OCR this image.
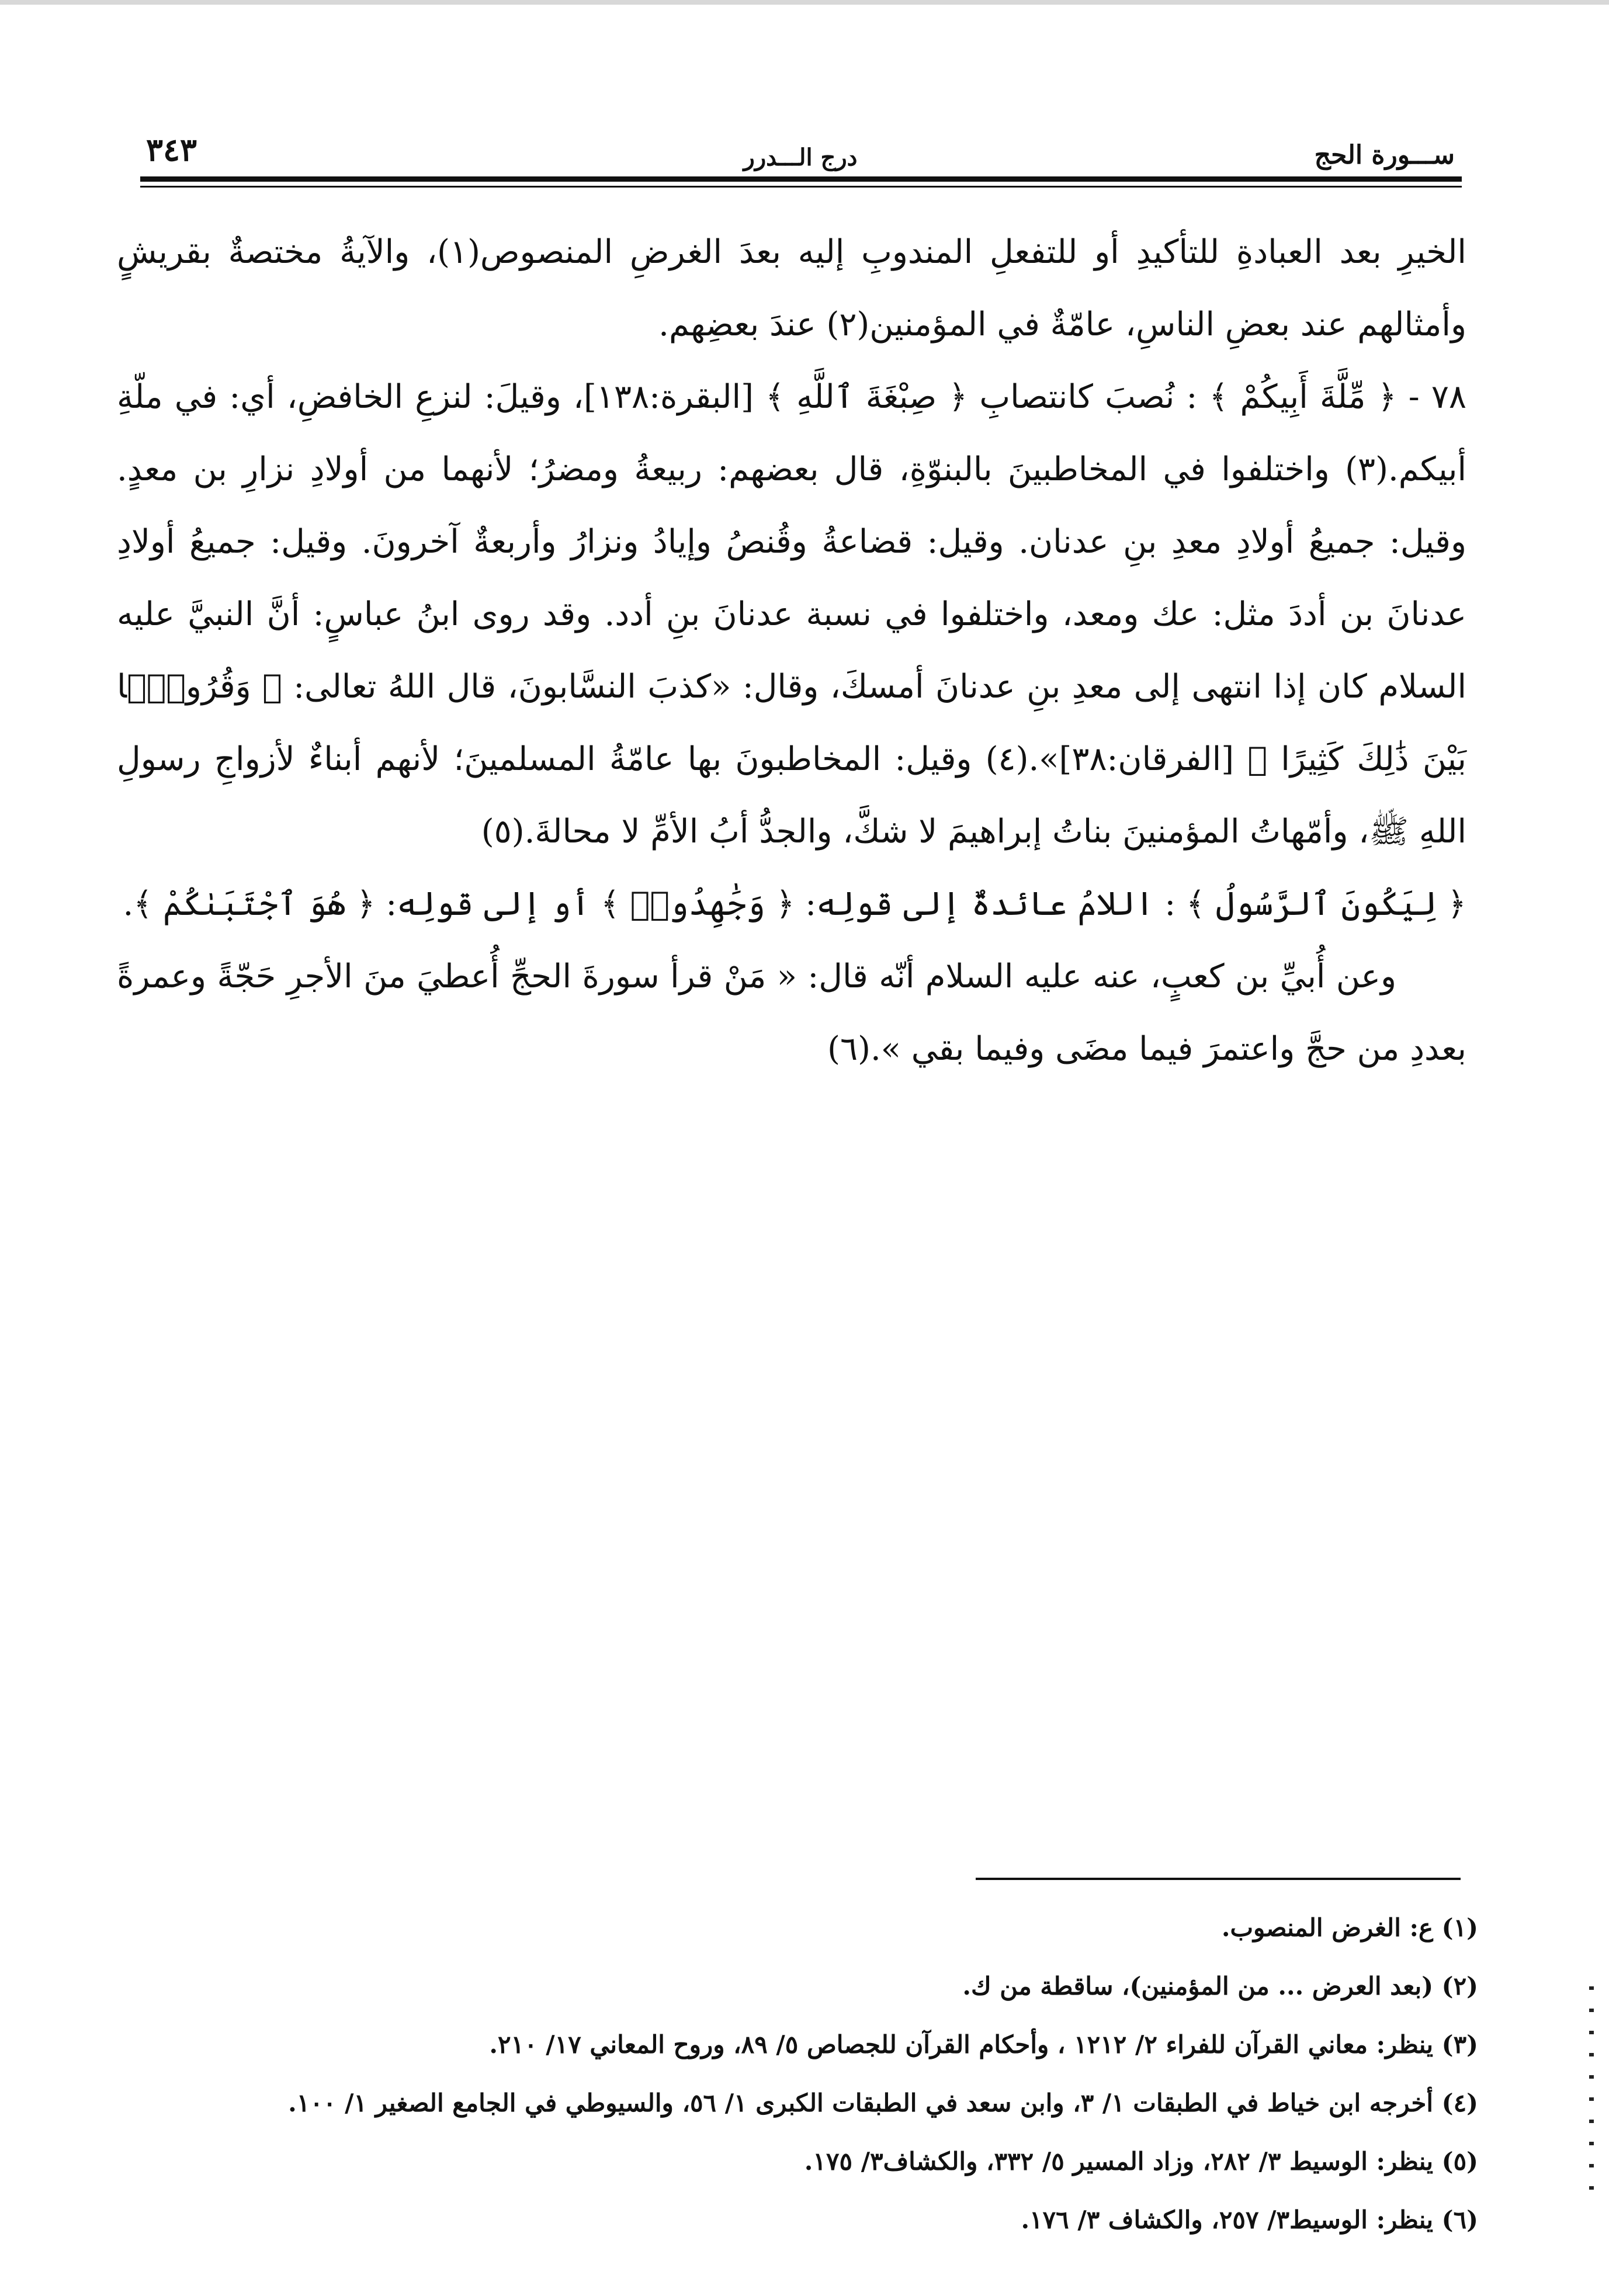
ســـورة الحج
درج الـــدرر
٣٤٣

الخيرِ بعد العبادةِ للتأكيدِ أو للتفعلِ المندوبِ إليه بعدَ الغرضِ المنصوص(١)، والآيةُ مختصةٌ بقريشٍ وأمثالهم عند بعضِ الناسِ، عامّةٌ في المؤمنين(٢) عندَ بعضِهم.

٧٨ - ﴿ مِّلَّةَ أَبِيكُمْ ﴾ : نُصبَ كانتصابِ ﴿ صِبْغَةَ ٱللَّهِ ﴾ [البقرة:١٣٨]، وقيلَ: لنزعِ الخافضِ، أي: في ملّةِ أبيكم.(٣) واختلفوا في المخاطبينَ بالبنوّةِ، قال بعضهم: ربيعةُ ومضرُ؛ لأنهما من أولادِ نزارِ بن معدٍ. وقيل: جميعُ أولادِ معدِ بنِ عدنان. وقيل: قضاعةُ وقُنصُ وإيادُ ونزارُ وأربعةٌ آخرونَ. وقيل: جميعُ أولادِ عدنانَ بن أددَ مثل: عك ومعد، واختلفوا في نسبة عدنانَ بنِ أدد. وقد روى ابنُ عباسٍ: أنَّ النبيَّ عليه السلام كان إذا انتهى إلى معدِ بنِ عدنانَ أمسكَ، وقال: «كذبَ النسَّابونَ، قال اللهُ تعالى: ﴿ وَقُرُونًۢا بَيْنَ ذَٰلِكَ كَثِيرًا ﴾ [الفرقان:٣٨]».(٤) وقيل: المخاطبونَ بها عامّةُ المسلمينَ؛ لأنهم أبناءٌ لأزواجِ رسولِ اللهِ ﷺ، وأمّهاتُ المؤمنينَ بناتُ إبراهيمَ لا شكَّ، والجدُّ أبُ الأمِّ لا محالةَ.(٥)

﴿ لِيَكُونَ ٱلرَّسُولُ ﴾ : اللامُ عائدةٌ إلى قولِه: ﴿ وَجَٰهِدُوا۟ ﴾ أو إلى قولِه: ﴿ هُوَ ٱجْتَبَىٰكُمْ ﴾.

وعن أُبيِّ بن كعبٍ، عنه عليه السلام أنّه قال: « مَنْ قرأ سورةَ الحجِّ أُعطيَ منَ الأجرِ حَجّةً وعمرةً بعددِ من حجَّ واعتمرَ فيما مضَى وفيما بقي ».(٦)

(١) ع: الغرض المنصوب.

(٢) (بعد العرض ... من المؤمنين)، ساقطة من ك.

(٣) ينظر: معاني القرآن للفراء ٢/ ١٢١٢ ، وأحكام القرآن للجصاص ٥/ ٨٩، وروح المعاني ١٧/ ٢١٠.

(٤) أخرجه ابن خياط في الطبقات ١/ ٣، وابن سعد في الطبقات الكبرى ١/ ٥٦، والسيوطي في الجامع الصغير ١/ ١٠٠.

(٥) ينظر: الوسيط ٣/ ٢٨٢، وزاد المسير ٥/ ٣٣٢، والكشاف٣/ ١٧٥.

(٦) ينظر: الوسيط٣/ ٢٥٧، والكشاف ٣/ ١٧٦.
